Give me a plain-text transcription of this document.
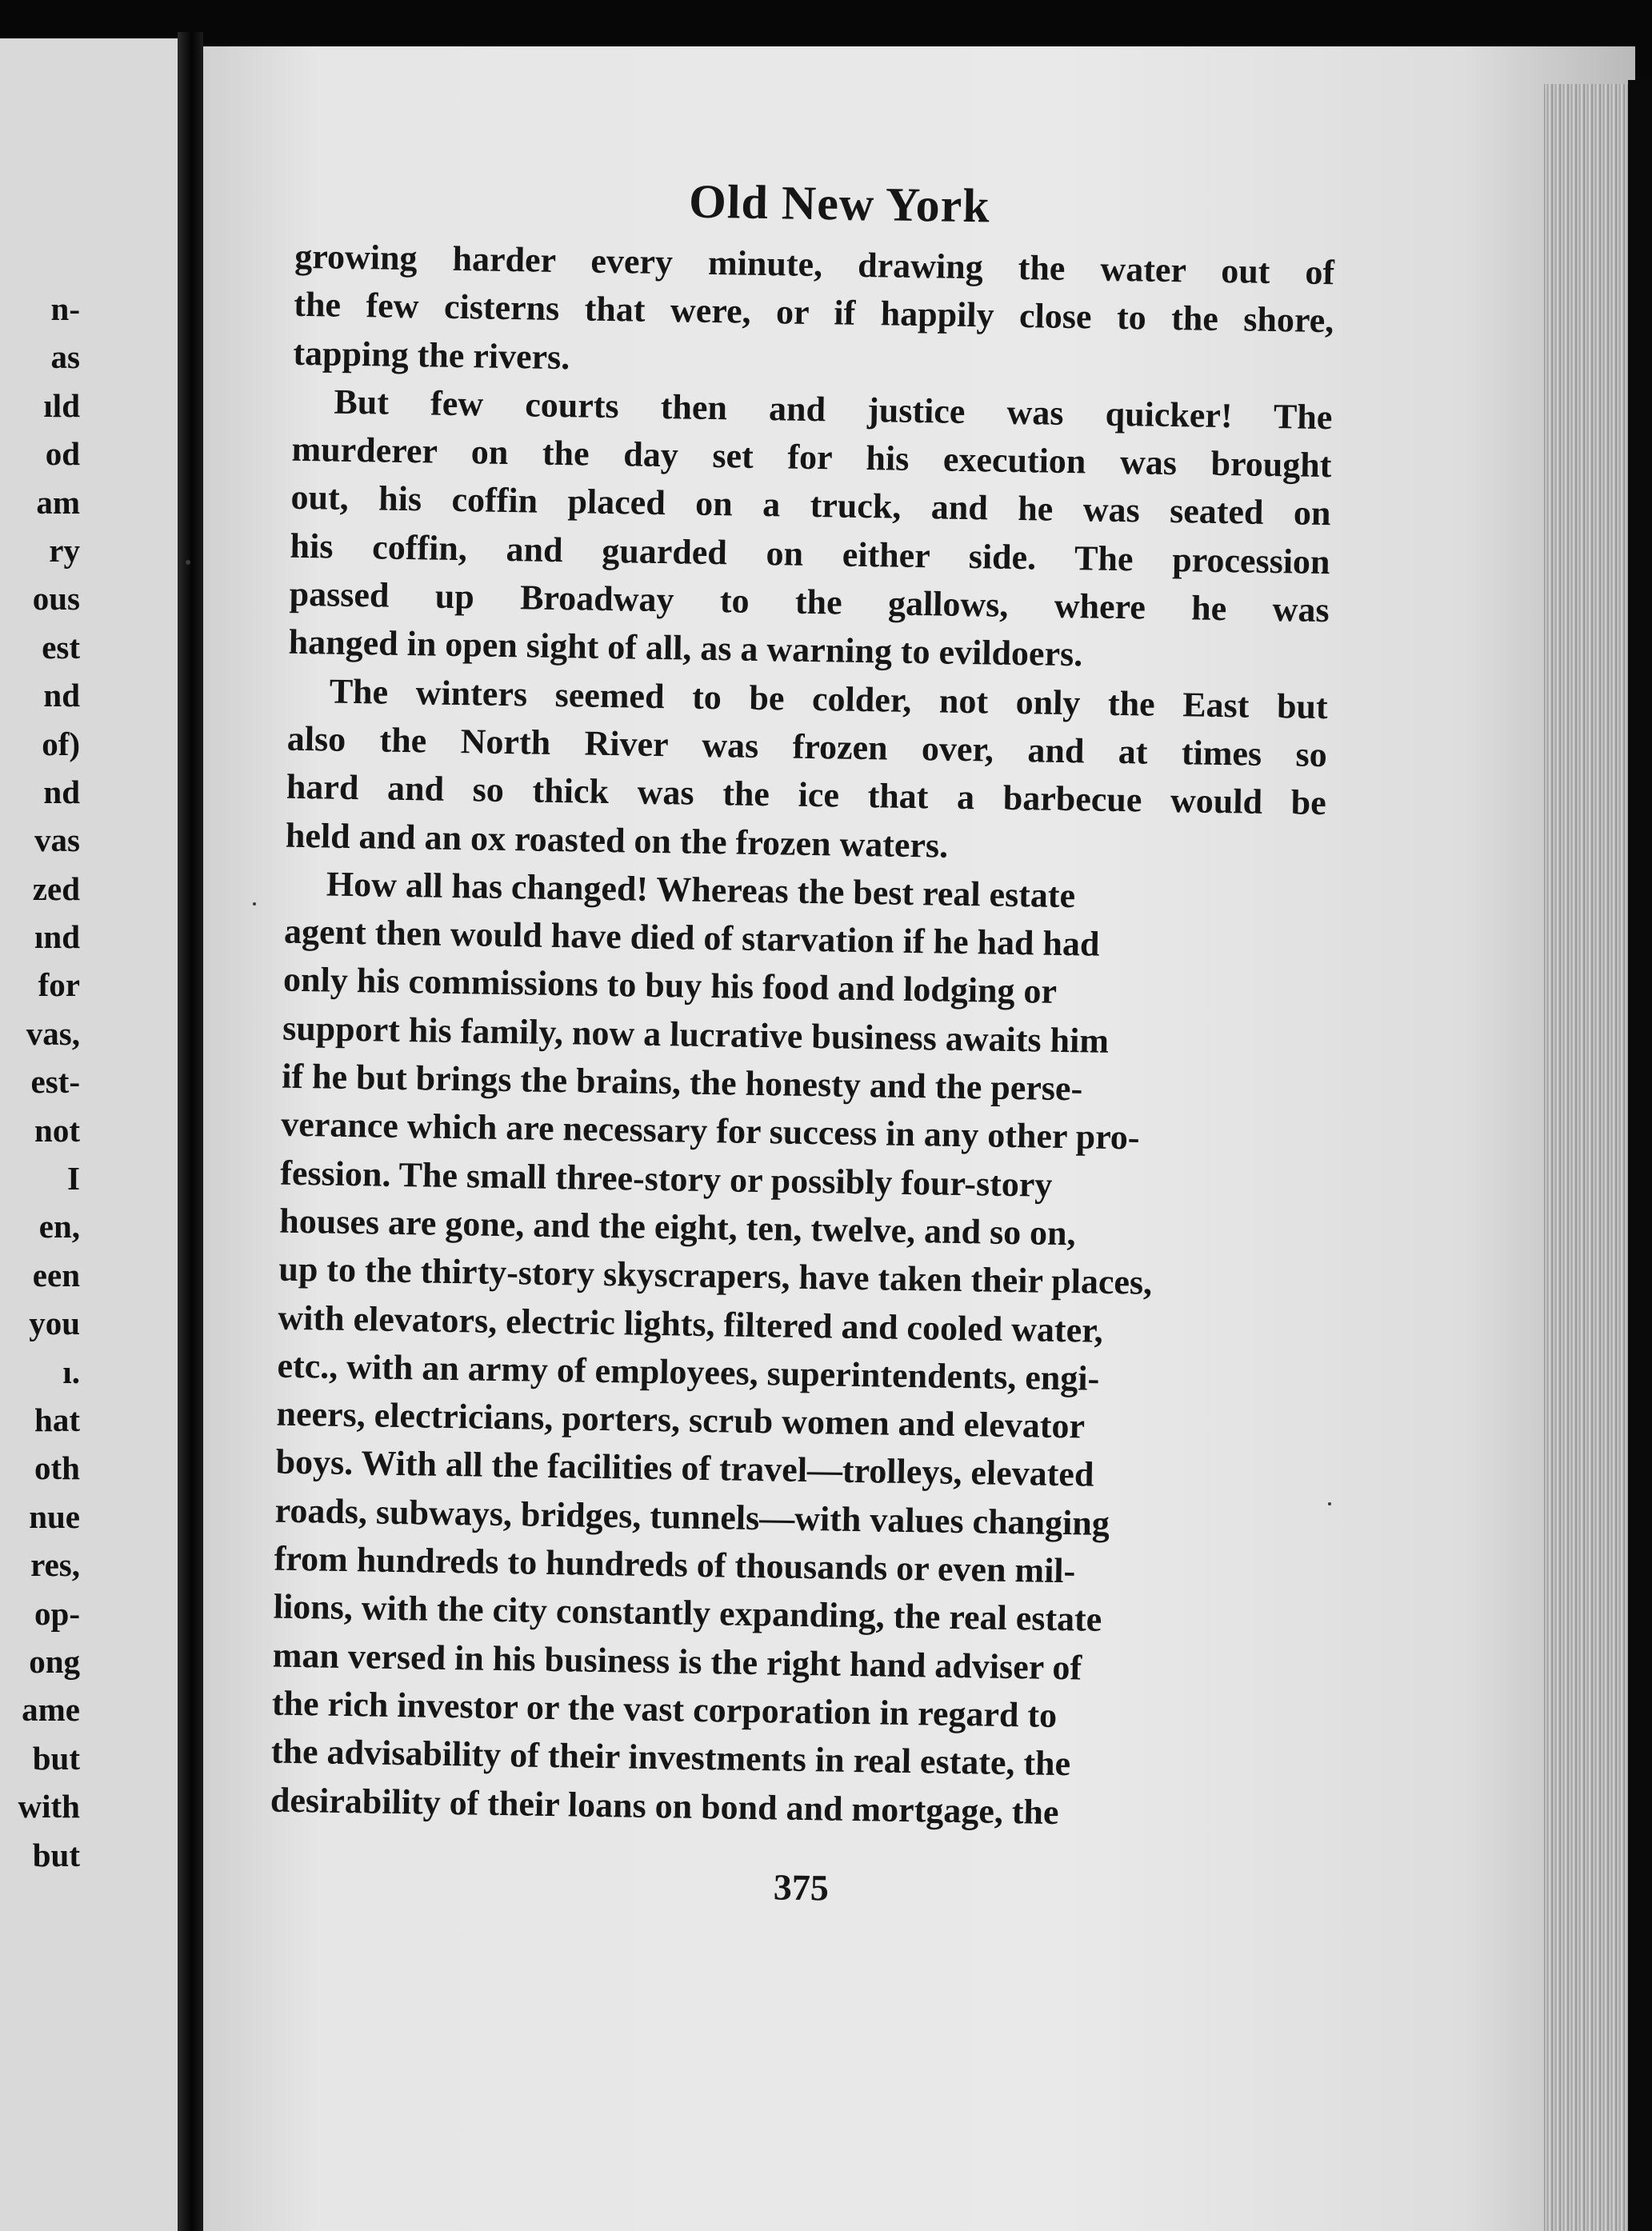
n-
as
ıld
od
am
ry
ous
est
nd
of)
nd
vas
zed
ınd
for
vas,
est-
not
I
en,
een
you
ı.
hat
oth
nue
res,
op-
ong
ame
but
with
but
Old New York
growing harder every minute, drawing the water out of
the few cisterns that were, or if happily close to the shore,
tapping the rivers.
But few courts then and justice was quicker! The
murderer on the day set for his execution was brought
out, his coffin placed on a truck, and he was seated on
his coffin, and guarded on either side. The procession
passed up Broadway to the gallows, where he was
hanged in open sight of all, as a warning to evildoers.
The winters seemed to be colder, not only the East but
also the North River was frozen over, and at times so
hard and so thick was the ice that a barbecue would be
held and an ox roasted on the frozen waters.
How all has changed! Whereas the best real estate
agent then would have died of starvation if he had had
only his commissions to buy his food and lodging or
support his family, now a lucrative business awaits him
if he but brings the brains, the honesty and the perse-
verance which are necessary for success in any other pro-
fession. The small three-story or possibly four-story
houses are gone, and the eight, ten, twelve, and so on,
up to the thirty-story skyscrapers, have taken their places,
with elevators, electric lights, filtered and cooled water,
etc., with an army of employees, superintendents, engi-
neers, electricians, porters, scrub women and elevator
boys. With all the facilities of travel—trolleys, elevated
roads, subways, bridges, tunnels—with values changing
from hundreds to hundreds of thousands or even mil-
lions, with the city constantly expanding, the real estate
man versed in his business is the right hand adviser of
the rich investor or the vast corporation in regard to
the advisability of their investments in real estate, the
desirability of their loans on bond and mortgage, the
375
